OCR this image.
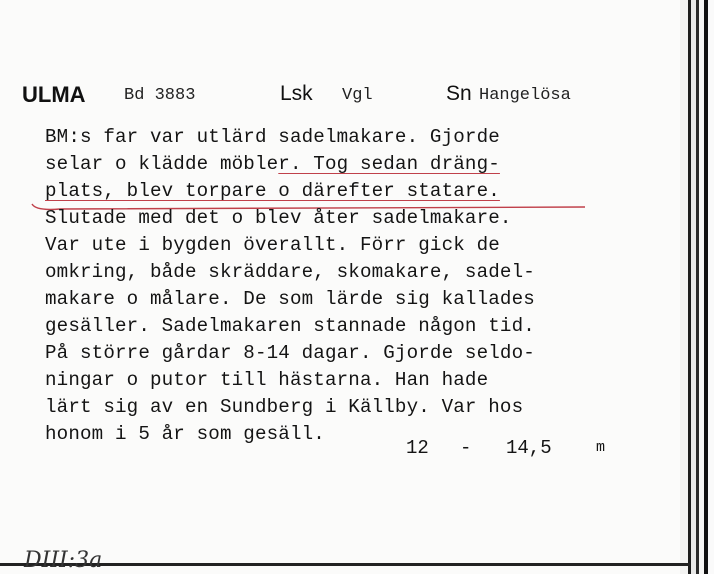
ULMA Bd 3883	Lsk Vgl	Sn Hangelösa
BM:s far var utlärd sadelmakare. Gjorde
selar o klädde möbler. Tog sedan dräng-
plats, blev torpare o därefter statare.
Slutade med det o blev åter sadelmakare.
Var ute i bygden överallt. Förr gick de
omkring, både skräddare, skomakare, sadel-
makare o målare. De som lärde sig kallades
gesäller. Sadelmakaren stannade någon tid.
På större gårdar 8-14 dagar. Gjorde seldo-
ningar o putor till hästarna. Han hade
lärt sig av en Sundberg i Källby. Var hos
honom i 5 år som gesäll.
12 - 14,5	m
DIII:3a
